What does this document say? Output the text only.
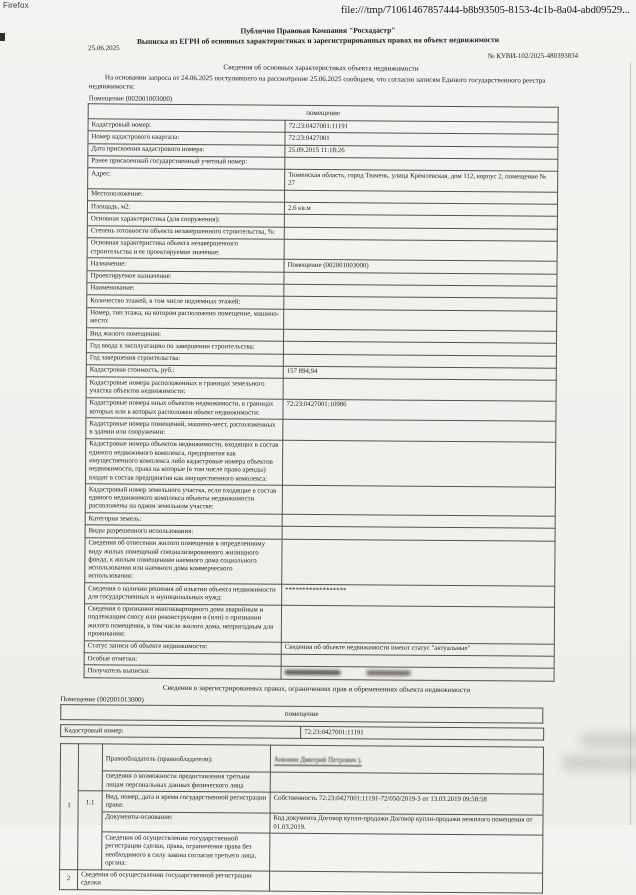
Firefox	file:///tmp/71061467857444-b8b93505-8153-4c1b-8a04-abd09529...
Публично Правовая Компания "Росхадастр"
Выписка из ЕГРН об основных характеристиках и зарегистрированных правах на объект недвижимости
25.06.2025
№ КУВИ-102/2025-480393834
Сведения об основных характеристиках объекта недвижимости

На основании запроса от 24.06.2025 поступившего на рассмотрение 25.06.2025 сообщаем, что согласно записям Единого государственного реестра недвижимости:

Помещение (002001003000)
помещение	
Кадастровый номер:	72:23:0427001:11191
Номер кадастрового квартала:	72:23:0427001
Дата присвоения кадастрового номера:	25.09.2015 11:18:26
Ранее присвоенный государственный учетный номер:	
Адрес:	Тюменская область, город Тюмень, улица Кремлевская, дом 112, корпус 2, помещение № 27
Местоположение:	
Площадь, м2:	2.6 кв.м
Основная характеристика (для сооружения):	
Степень готовности объекта незавершенного строительства, %:	
Основная характеристика объекта незавершенного строительства и ее проектируемое значение:	
Назначение:	Помещение (002001003000)
Проектируемое назначение:	
Наименование:	
Количество этажей, в том числе подземных этажей:	
Номер, тип этажа, на котором расположено помещение, машино-место:	
Вид жилого помещения:	
Год ввода в эксплуатацию по завершении строительства:	
Год завершения строительства:	
Кадастровая стоимость, руб.:	157 894,94
Кадастровые номера расположенных в границах земельного участка объектов недвижимости:	
Кадастровые номера иных объектов недвижимости, в границах которых или в которых расположен объект недвижимости:	72:23:0427001:10986
Кадастровые номера помещений, машино-мест, расположенных в здании или сооружении:	
Кадастровые номера объектов недвижимости, входящих в состав единого недвижимого комплекса, предприятия как имущественного комплекса либо кадастровые номера объектов недвижимости, права на которые (в том числе право аренды) входят в состав предприятия как имущественного комплекса:	
Кадастровый номер земельного участка, если входящие в состав единого недвижимого комплекса объекты недвижимости расположены на одном земельном участке:	
Категория земель:	
Виды разрешенного использования:	
Сведения об отнесении жилого помещения к определенному виду жилых помещений специализированного жилищного фонда, к жилым помещениям наемного дома социального использования или наемного дома коммерческого использования:	
Сведения о наличии решения об изъятии объекта недвижимости для государственных и муниципальных нужд:	******************
Сведения о признании многоквартирного дома аварийным и подлежащим сносу или реконструкции и (или) о признании жилого помещения, в том числе жилого дома, непригодным для проживания:	
Статус записи об объекте недвижимости:	Сведения об объекте недвижимости имеют статус "актуальные"
Особые отметки:	
Получатель выписки:	
Сведения о зарегистрированных правах, ограничениях прав и обременениях объекта недвижимости
Помещение (002001013000)
помещение
Кадастровый номер:	72:23:0427001:11191
1		Правообладатель (правообладатели):	Анюнин Дмитрий Петрович ).
		сведения о возможности предоставления третьим лицам персональных данных физического лица	
	1.1	Вид, номер, дата и время государственной регистрации права:	Собственность 72:23:0427001:11191-72/050/2019-3 от 13.03.2019 09:58:58
		Документы-основание:	Код документа Договор купли-продажи Договор купли-продажи нежилого помещения от 01.03.2019.
		Сведения об осуществлении государственной регистрации сделки, права, ограничения права без необходимого в силу закона согласия третьего лица, органа:	
2	Сведения об осуществлении государственной регистрации сделки		
